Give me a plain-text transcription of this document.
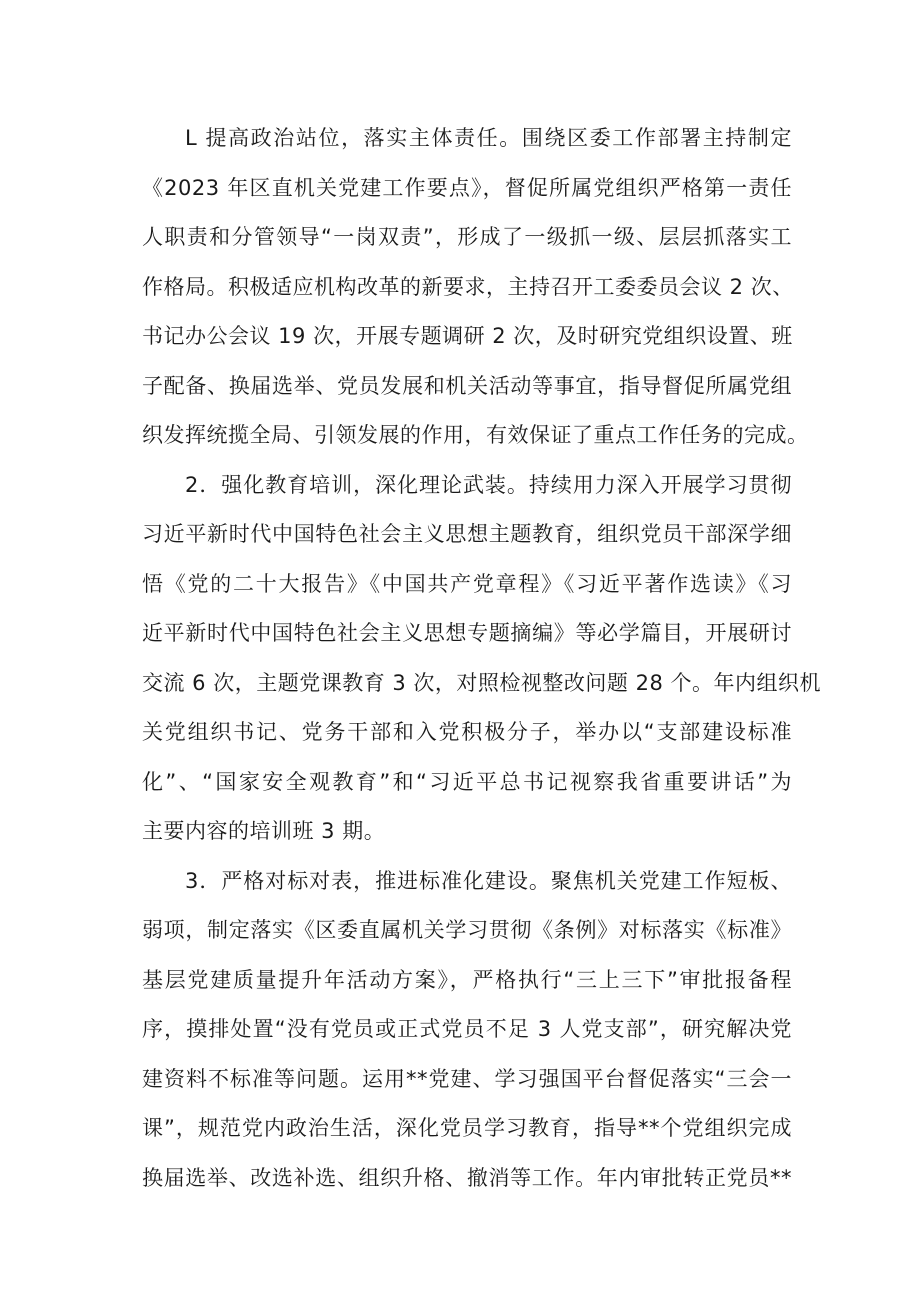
L 提高政治站位，落实主体责任。围绕区委工作部署主持制定
《2023 年区直机关党建工作要点》，督促所属党组织严格第一责任
人职责和分管领导“一岗双责”，形成了一级抓一级、层层抓落实工
作格局。积极适应机构改革的新要求，主持召开工委委员会议 2 次、
书记办公会议 19 次，开展专题调研 2 次，及时研究党组织设置、班
子配备、换届选举、党员发展和机关活动等事宜，指导督促所属党组
织发挥统揽全局、引领发展的作用，有效保证了重点工作任务的完成。
2．强化教育培训，深化理论武装。持续用力深入开展学习贯彻
习近平新时代中国特色社会主义思想主题教育，组织党员干部深学细
悟《党的二十大报告》《中国共产党章程》《习近平著作选读》《习
近平新时代中国特色社会主义思想专题摘编》等必学篇目，开展研讨
交流 6 次，主题党课教育 3 次，对照检视整改问题 28 个。年内组织机
关党组织书记、党务干部和入党积极分子，举办以“支部建设标准
化”、“国家安全观教育”和“习近平总书记视察我省重要讲话”为
主要内容的培训班 3 期。
3．严格对标对表，推进标准化建设。聚焦机关党建工作短板、
弱项，制定落实《区委直属机关学习贯彻《条例》对标落实《标准》
基层党建质量提升年活动方案》，严格执行“三上三下”审批报备程
序，摸排处置“没有党员或正式党员不足 3 人党支部”，研究解决党
建资料不标准等问题。运用**党建、学习强国平台督促落实“三会一
课”，规范党内政治生活，深化党员学习教育，指导**个党组织完成
换届选举、改选补选、组织升格、撤消等工作。年内审批转正党员**
